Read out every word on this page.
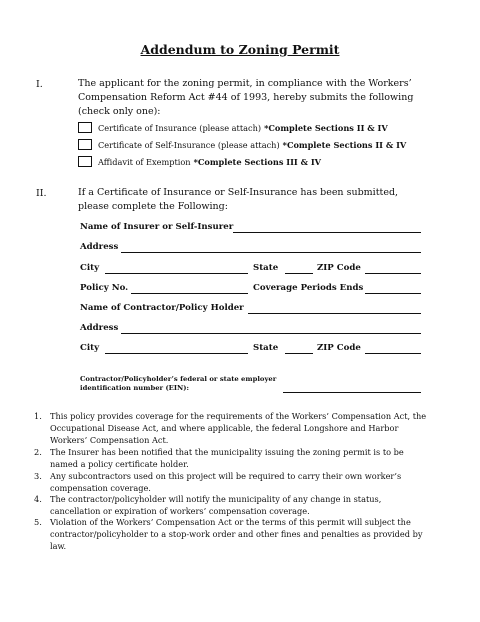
Addendum to Zoning Permit
I.	The applicant for the zoning permit, in compliance with the Workers’ Compensation Reform Act #44 of 1993, hereby submits the following (check only one):
Certificate of Insurance (please attach) *Complete Sections II & IV
Certificate of Self-Insurance (please attach) *Complete Sections II & IV
Affidavit of Exemption *Complete Sections III & IV
II.	If a Certificate of Insurance or Self-Insurance has been submitted, please complete the Following:
Name of Insurer or Self-Insurer
Address
City	State	ZIP Code
Policy No.	Coverage Periods Ends
Name of Contractor/Policy Holder
Address
City	State	ZIP Code
Contractor/Policyholder’s federal or state employer identification number (EIN):
1. This policy provides coverage for the requirements of the Workers’ Compensation Act, the Occupational Disease Act, and where applicable, the federal Longshore and Harbor Workers’ Compensation Act.
2. The Insurer has been notified that the municipality issuing the zoning permit is to be named a policy certificate holder.
3. Any subcontractors used on this project will be required to carry their own worker’s compensation coverage.
4. The contractor/policyholder will notify the municipality of any change in status, cancellation or expiration of workers’ compensation coverage.
5. Violation of the Workers’ Compensation Act or the terms of this permit will subject the contractor/policyholder to a stop-work order and other fines and penalties as provided by law.
